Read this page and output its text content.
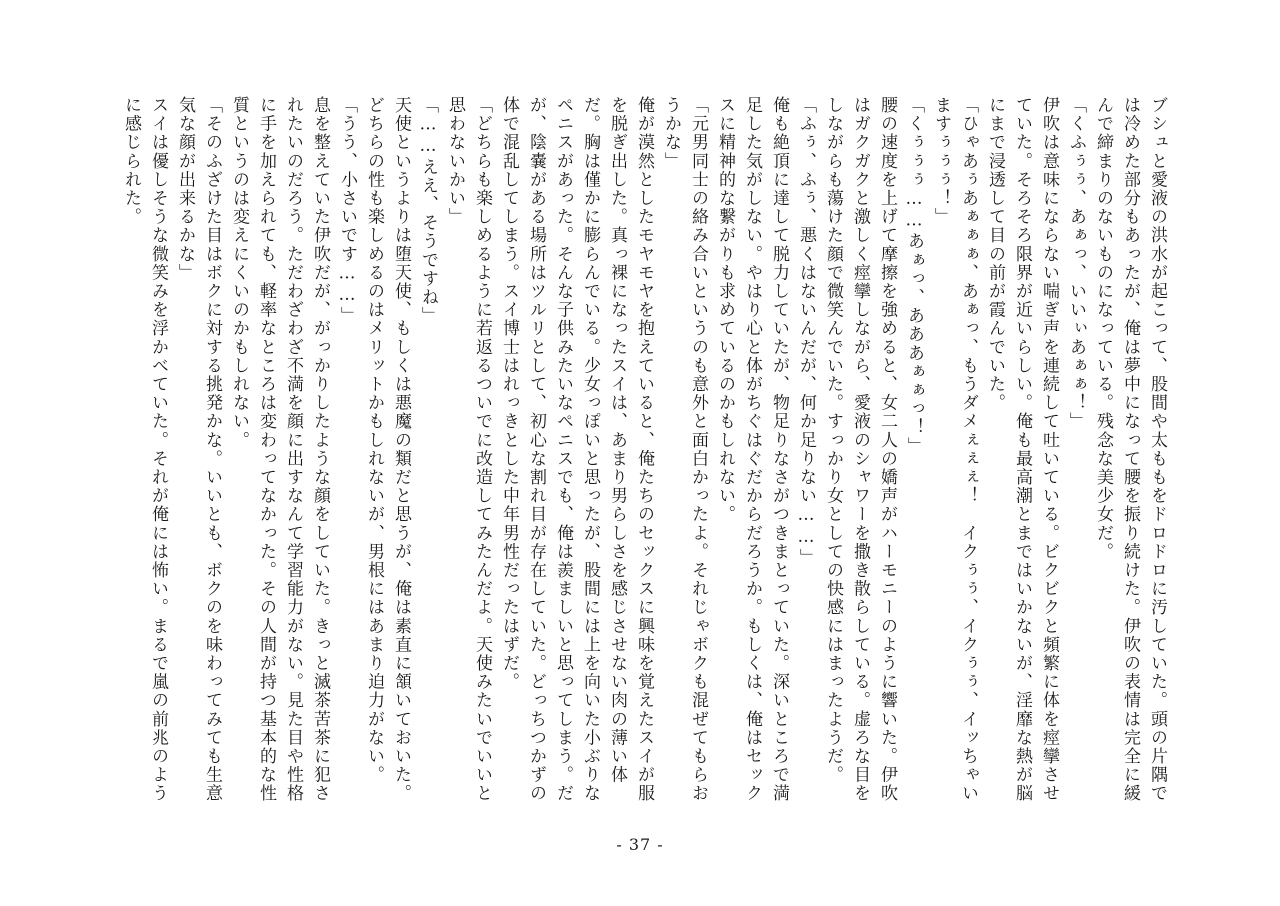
ブシュと愛液の洪水が起こって、股間や太ももをドロドロに汚していた。頭の片隅では冷めた部分もあったが、俺は夢中になって腰を振り続けた。伊吹の表情は完全に緩んで締まりのないものになっている。残念な美少女だ。

「くふぅぅ、あぁっ、いいぃあぁぁ！」

伊吹は意味にならない喘ぎ声を連続して吐いている。ビクビクと頻繁に体を痙攣させていた。そろそろ限界が近いらしい。俺も最高潮とまではいかないが、淫靡な熱が脳にまで浸透して目の前が霞んでいた。

「ひゃあぅあぁぁぁ、あぁっ、もうダメぇぇぇ！　イクぅぅ、イクぅぅ、イッちゃいますぅぅぅ！」

「くぅぅぅ……あぁっ、あああぁぁっ！」

腰の速度を上げて摩擦を強めると、女二人の嬌声がハーモニーのように響いた。伊吹はガクガクと激しく痙攣しながら、愛液のシャワーを撒き散らしている。虚ろな目をしながらも蕩けた顔で微笑んでいた。すっかり女としての快感にはまったようだ。

「ふぅ、ふぅ、悪くはないんだが、何か足りない……」

俺も絶頂に達して脱力していたが、物足りなさがつきまとっていた。深いところで満足した気がしない。やはり心と体がちぐはぐだからだろうか。もしくは、俺はセックスに精神的な繋がりも求めているのかもしれない。

「元男同士の絡み合いというのも意外と面白かったよ。それじゃボクも混ぜてもらおうかな」

俺が漠然としたモヤモヤを抱えていると、俺たちのセックスに興味を覚えたスイが服を脱ぎ出した。真っ裸になったスイは、あまり男らしさを感じさせない肉の薄い体だ。胸は僅かに膨らんでいる。少女っぽいと思ったが、股間には上を向いた小ぶりなペニスがあった。そんな子供みたいなペニスでも、俺は羨ましいと思ってしまう。だが、陰嚢がある場所はツルリとして、初心な割れ目が存在していた。どっちつかずの体で混乱してしまう。スイ博士はれっきとした中年男性だったはずだ。

「どちらも楽しめるように若返るついでに改造してみたんだよ。天使みたいでいいと思わないかい」

「……ええ、そうですね」

天使というよりは堕天使、もしくは悪魔の類だと思うが、俺は素直に頷いておいた。どちらの性も楽しめるのはメリットかもしれないが、男根にはあまり迫力がない。

「うう、小さいです……」

息を整えていた伊吹だが、がっかりしたような顔をしていた。きっと滅茶苦茶に犯されたいのだろう。ただわざわざ不満を顔に出すなんて学習能力がない。見た目や性格に手を加えられても、軽率なところは変わってなかった。その人間が持つ基本的な性質というのは変えにくいのかもしれない。

「そのふざけた目はボクに対する挑発かな。いいとも、ボクのを味わってみても生意気な顔が出来るかな」

スイは優しそうな微笑みを浮かべていた。それが俺には怖い。まるで嵐の前兆のように感じられた。

- 37 -
